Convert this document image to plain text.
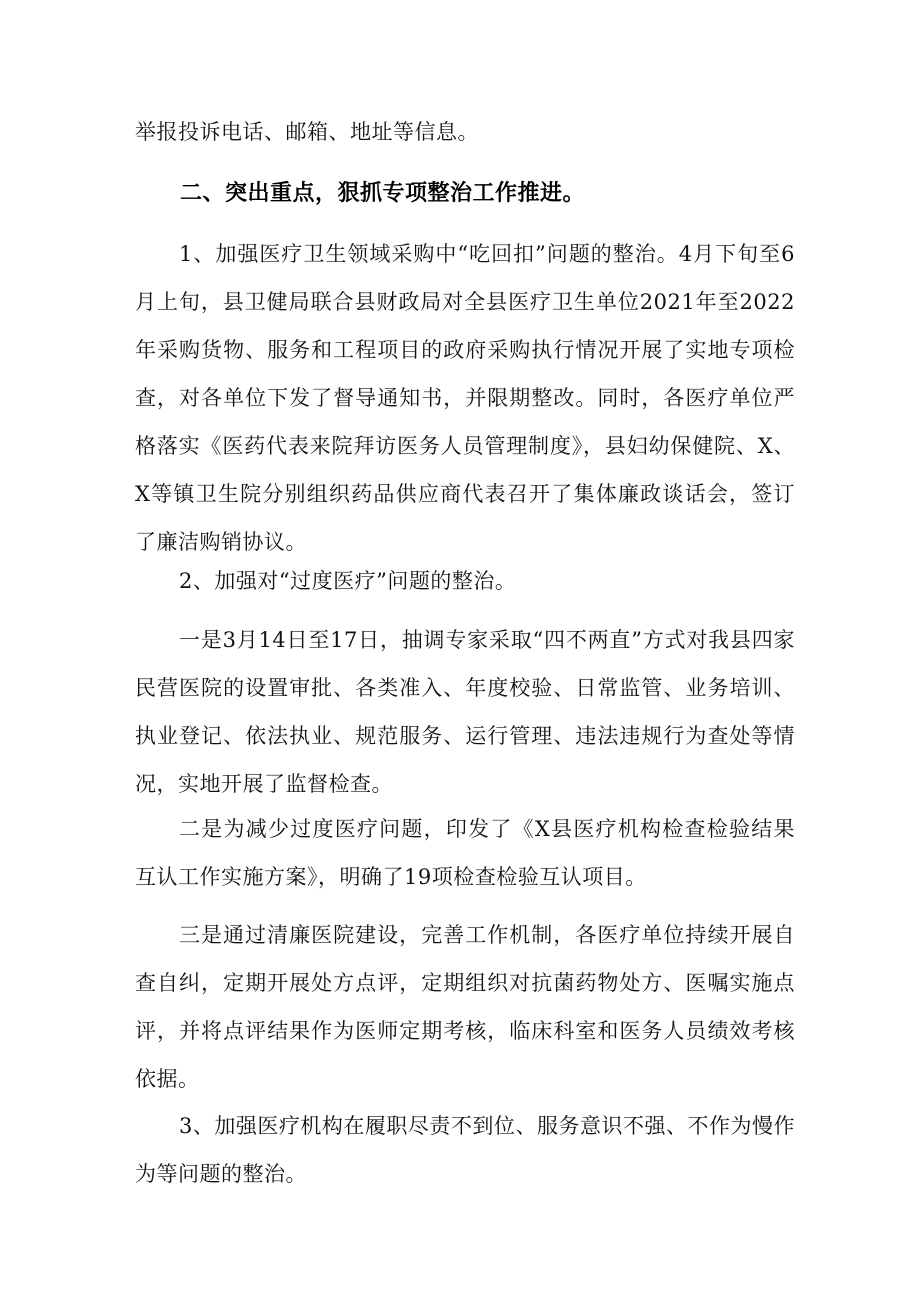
举报投诉电话、邮箱、地址等信息。

二、突出重点，狠抓专项整治工作推进。

1、加强医疗卫生领域采购中“吃回扣”问题的整治。4月下旬至6月上旬，县卫健局联合县财政局对全县医疗卫生单位2021年至2022年采购货物、服务和工程项目的政府采购执行情况开展了实地专项检查，对各单位下发了督导通知书，并限期整改。同时，各医疗单位严格落实《医药代表来院拜访医务人员管理制度》，县妇幼保健院、X、X等镇卫生院分别组织药品供应商代表召开了集体廉政谈话会，签订了廉洁购销协议。

2、加强对“过度医疗”问题的整治。

一是3月14日至17日，抽调专家采取“四不两直”方式对我县四家民营医院的设置审批、各类准入、年度校验、日常监管、业务培训、执业登记、依法执业、规范服务、运行管理、违法违规行为查处等情况，实地开展了监督检查。

二是为减少过度医疗问题，印发了《X县医疗机构检查检验结果互认工作实施方案》，明确了19项检查检验互认项目。

三是通过清廉医院建设，完善工作机制，各医疗单位持续开展自查自纠，定期开展处方点评，定期组织对抗菌药物处方、医嘱实施点评，并将点评结果作为医师定期考核，临床科室和医务人员绩效考核依据。

3、加强医疗机构在履职尽责不到位、服务意识不强、不作为慢作为等问题的整治。
